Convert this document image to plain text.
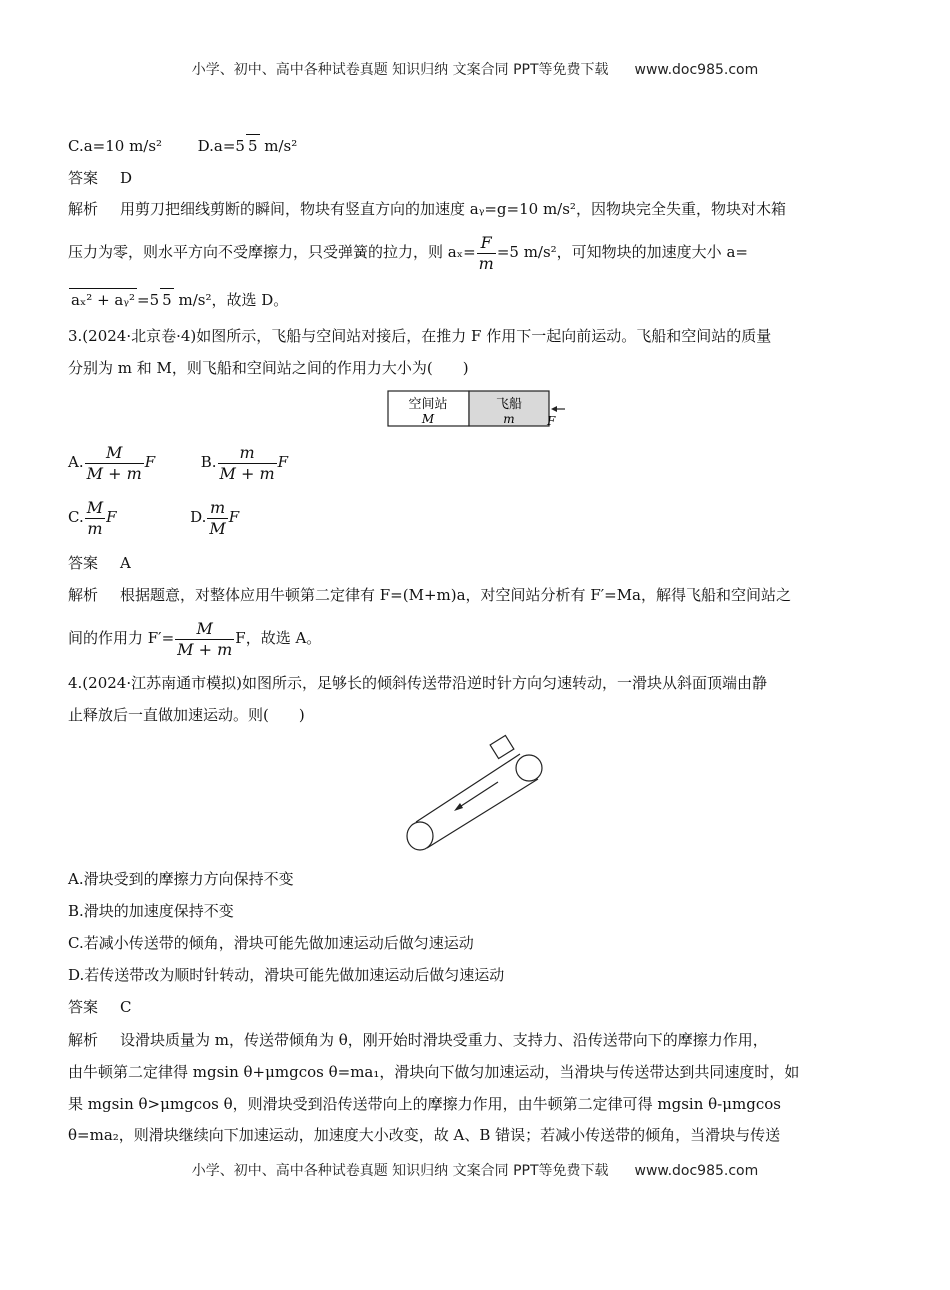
小学、初中、高中各种试卷真题 知识归纳 文案合同 PPT等免费下载 www.doc985.com
C.a=10 m/s² D.a=5 5 m/s²
答案 D
解析 用剪刀把细线剪断的瞬间，物块有竖直方向的加速度 aᵧ=g=10 m/s²，因物块完全失重，物块对木箱
压力为零，则水平方向不受摩擦力，只受弹簧的拉力，则 $a_x= \frac{F}{m} =5$ m/s²，可知物块的加速度大小 a=
aₓ² + aᵧ² =5 5 m/s²，故选 D。
3.(2024·北京卷·4)如图所示，飞船与空间站对接后，在推力 F 作用下一起向前运动。飞船和空间站的质量
分别为 m 和 M，则飞船和空间站之间的作用力大小为(　　)
空间站
M
飞船
m	F
A. $\frac{M}{M + m}$ F	B. $\frac{m}{M + m}$ F
C. $\frac{M}{m}$ F	D. $\frac{m}{M}$ F
答案 A
解析 根据题意，对整体应用牛顿第二定律有 F=(M+m)a，对空间站分析有 F′=Ma，解得飞船和空间站之
间的作用力 $F'= \frac{M}{M + m}$ F，故选 A。
4.(2024·江苏南通市模拟)如图所示，足够长的倾斜传送带沿逆时针方向匀速转动，一滑块从斜面顶端由静
止释放后一直做加速运动。则(　　)
A.滑块受到的摩擦力方向保持不变
B.滑块的加速度保持不变
C.若减小传送带的倾角，滑块可能先做加速运动后做匀速运动
D.若传送带改为顺时针转动，滑块可能先做加速运动后做匀速运动
答案 C
解析 设滑块质量为 m，传送带倾角为 θ，刚开始时滑块受重力、支持力、沿传送带向下的摩擦力作用，
由牛顿第二定律得 mgsin θ+μmgcos θ=ma₁，滑块向下做匀加速运动，当滑块与传送带达到共同速度时，如
果 mgsin θ>μmgcos θ，则滑块受到沿传送带向上的摩擦力作用，由牛顿第二定律可得 mgsin θ-μmgcos
θ=ma₂，则滑块继续向下加速运动，加速度大小改变，故 A、B 错误；若减小传送带的倾角，当滑块与传送
小学、初中、高中各种试卷真题 知识归纳 文案合同 PPT等免费下载 www.doc985.com
